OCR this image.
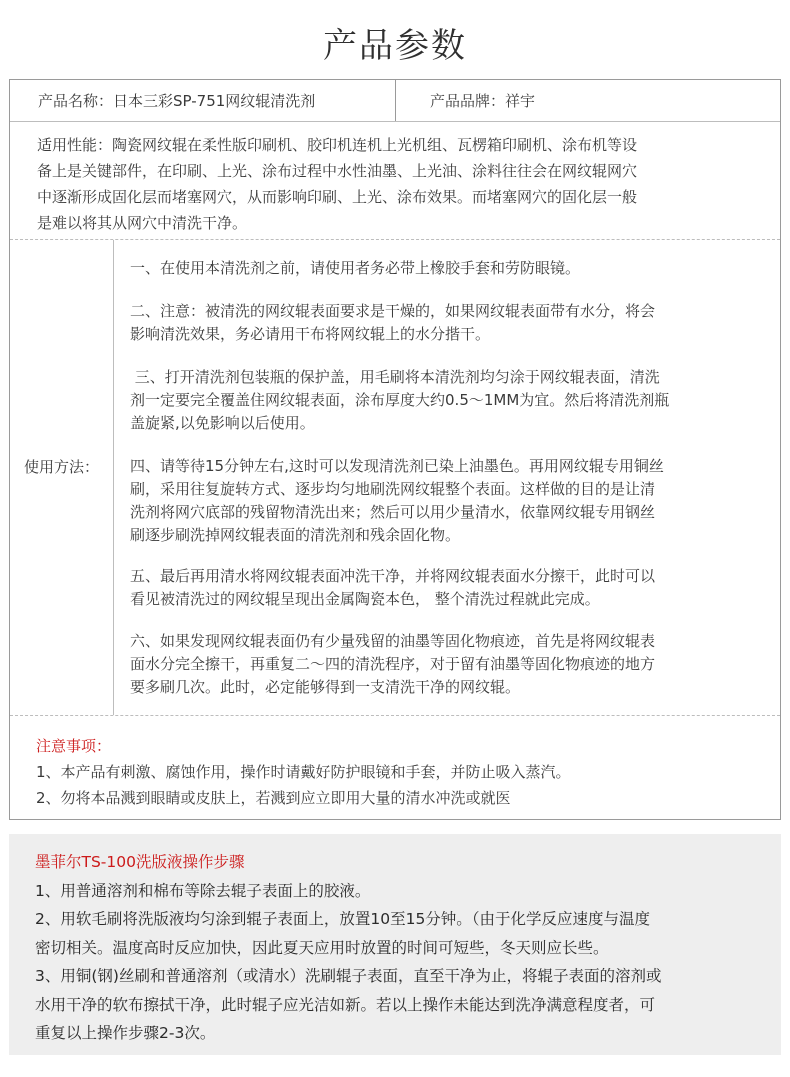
产品参数
产品名称：日本三彩SP-751网纹辊清洗剂	产品品牌：祥宇
适用性能：陶瓷网纹辊在柔性版印刷机、胶印机连机上光机组、瓦楞箱印刷机、涂布机等设
备上是关键部件，在印刷、上光、涂布过程中水性油墨、上光油、涂料往往会在网纹辊网穴
中逐渐形成固化层而堵塞网穴，从而影响印刷、上光、涂布效果。而堵塞网穴的固化层一般
是难以将其从网穴中清洗干净。
使用方法：
一、在使用本清洗剂之前，请使用者务必带上橡胶手套和劳防眼镜。
二、注意：被清洗的网纹辊表面要求是干燥的，如果网纹辊表面带有水分，将会
影响清洗效果，务必请用干布将网纹辊上的水分揩干。
三、打开清洗剂包装瓶的保护盖，用毛刷将本清洗剂均匀涂于网纹辊表面，清洗
剂一定要完全覆盖住网纹辊表面，涂布厚度大约0.5～1MM为宜。然后将清洗剂瓶
盖旋紧,以免影响以后使用。
四、请等待15分钟左右,这时可以发现清洗剂已染上油墨色。再用网纹辊专用铜丝
刷，采用往复旋转方式、逐步均匀地刷洗网纹辊整个表面。这样做的目的是让清
洗剂将网穴底部的残留物清洗出来；然后可以用少量清水，依靠网纹辊专用钢丝
刷逐步刷洗掉网纹辊表面的清洗剂和残余固化物。
五、最后再用清水将网纹辊表面冲洗干净，并将网纹辊表面水分擦干，此时可以
看见被清洗过的网纹辊呈现出金属陶瓷本色， 整个清洗过程就此完成。
六、如果发现网纹辊表面仍有少量残留的油墨等固化物痕迹，首先是将网纹辊表
面水分完全擦干，再重复二～四的清洗程序，对于留有油墨等固化物痕迹的地方
要多刷几次。此时，必定能够得到一支清洗干净的网纹辊。
注意事项：
1、本产品有刺激、腐蚀作用，操作时请戴好防护眼镜和手套，并防止吸入蒸汽。
2、勿将本品溅到眼睛或皮肤上，若溅到应立即用大量的清水冲洗或就医
墨菲尔TS-100洗版液操作步骤
1、用普通溶剂和棉布等除去辊子表面上的胶液。
2、用软毛刷将洗版液均匀涂到辊子表面上，放置10至15分钟。（由于化学反应速度与温度
密切相关。温度高时反应加快，因此夏天应用时放置的时间可短些，冬天则应长些。
3、用铜(钢)丝刷和普通溶剂（或清水）洗刷辊子表面，直至干净为止，将辊子表面的溶剂或
水用干净的软布擦拭干净，此时辊子应光洁如新。若以上操作未能达到洗净满意程度者，可
重复以上操作步骤2-3次。
